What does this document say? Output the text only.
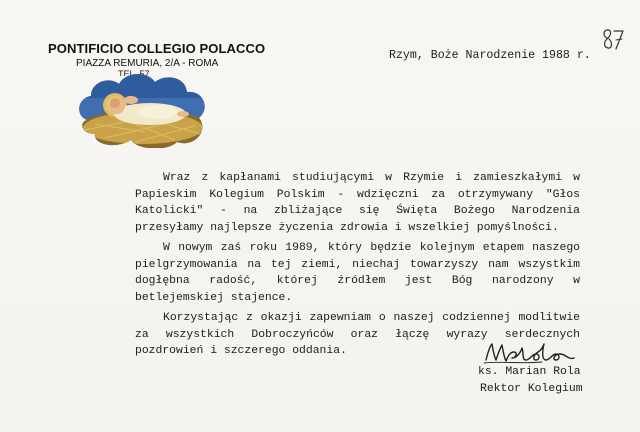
PONTIFICIO COLLEGIO POLACCO
PIAZZA REMURIA, 2/A - ROMA
TEL. 57
Rzym, Boże Narodzenie 1988 r.

Wraz z kapłanami studiującymi w Rzymie i zamieszkałymi w Papieskim Kolegium Polskim - wdzięczni za otrzymywany "Głos Katolicki" - na zbliżające się Święta Bożego Narodzenia przesyłamy najlepsze życzenia zdrowia i wszelkiej pomyślności.

W nowym zaś roku 1989, który będzie kolejnym etapem naszego pielgrzymowania na tej ziemi, niechaj towarzyszy nam wszystkim dogłębna radość, której źródłem jest Bóg narodzony w betlejemskiej stajence.

Korzystając z okazji zapewniam o naszej codziennej modlitwie za wszystkich Dobroczyńców oraz łączę wyrazy serdecznych pozdrowień i szczerego oddania.

ks. Marian Rola
Rektor Kolegium
